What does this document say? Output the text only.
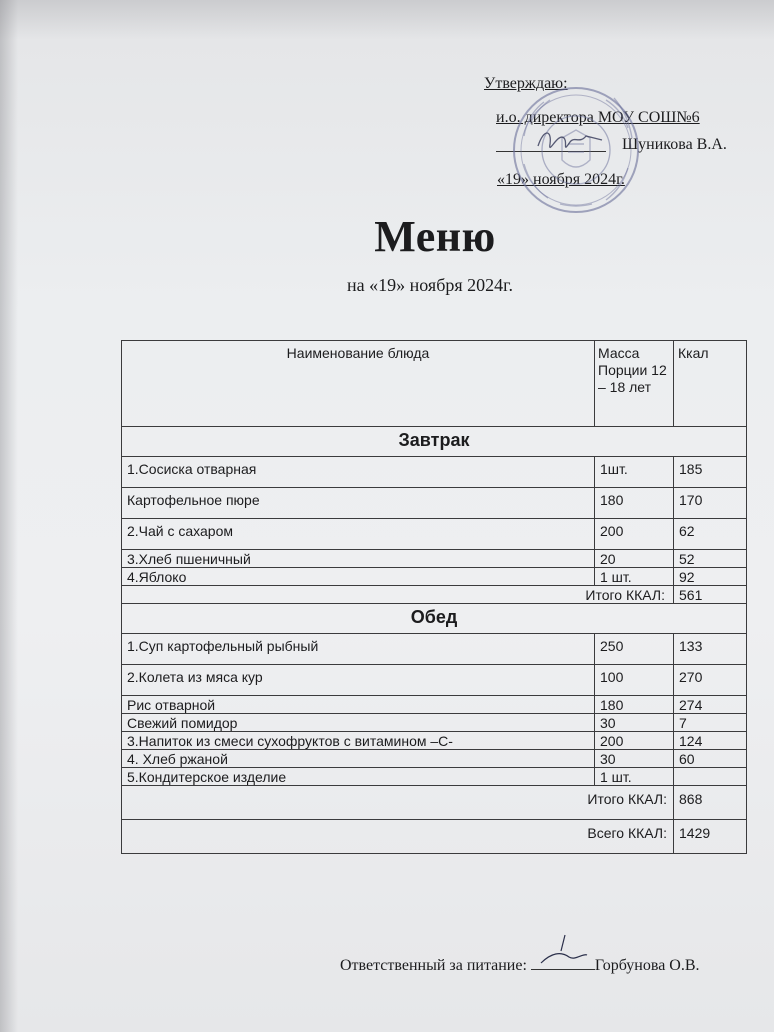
Утверждаю:
и.о. директора МОУ СОШ№6
Шуникова В.А.
«19» ноября 2024г.
Меню
на «19» ноября 2024г.
Наименование блюда	Масса Порции 12 – 18 лет	Ккал
Завтрак		
1.Сосиска отварная	1шт.	185
Картофельное пюре	180	170
2.Чай с сахаром	200	62
3.Хлеб пшеничный	20	52
4.Яблоко	1 шт.	92
Итого ККАЛ:		561
Обед		
1.Суп картофельный рыбный	250	133
2.Колета из мяса кур	100	270
Рис отварной	180	274
Свежий помидор	30	7
3.Напиток из смеси сухофруктов с витамином –С-	200	124
4. Хлеб ржаной	30	60
5.Кондитерское изделие	1 шт.	
Итого ККАЛ:		868
Всего ККАЛ:		1429
Ответственный за питание:	Горбунова О.В.
